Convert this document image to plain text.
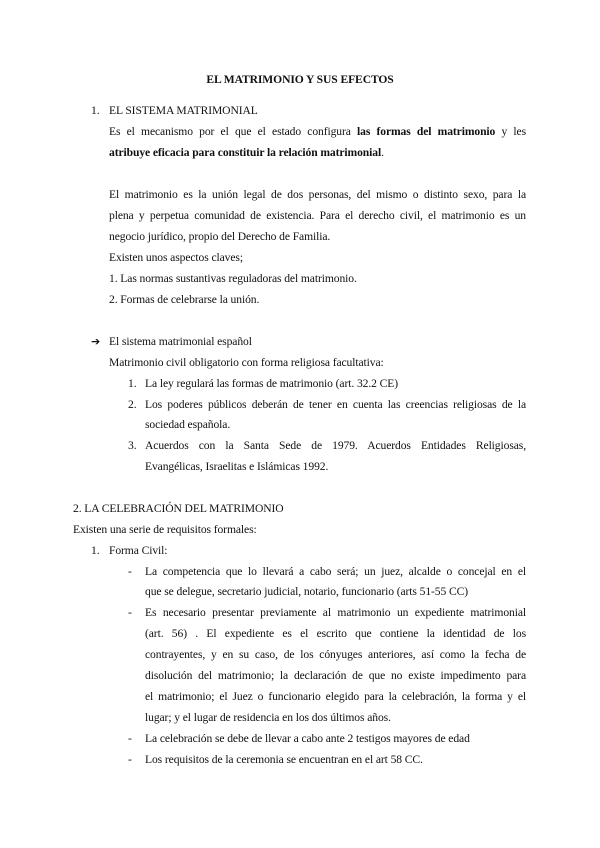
EL MATRIMONIO Y SUS EFECTOS
1. EL SISTEMA MATRIMONIAL
Es el mecanismo por el que el estado configura las formas del matrimonio y les
atribuye eficacia para constituir la relación matrimonial.
El matrimonio es la unión legal de dos personas, del mismo o distinto sexo, para la
plena y perpetua comunidad de existencia. Para el derecho civil, el matrimonio es un
negocio jurídico, propio del Derecho de Familia.
Existen unos aspectos claves;
1. Las normas sustantivas reguladoras del matrimonio.
2. Formas de celebrarse la unión.
➔ El sistema matrimonial español
Matrimonio civil obligatorio con forma religiosa facultativa:
1. La ley regulará las formas de matrimonio (art. 32.2 CE)
2. Los poderes públicos deberán de tener en cuenta las creencias religiosas de la
sociedad española.
3. Acuerdos con la Santa Sede de 1979. Acuerdos Entidades Religiosas,
Evangélicas, Israelitas e Islámicas 1992.
2. LA CELEBRACIÓN DEL MATRIMONIO
Existen una serie de requisitos formales:
1. Forma Civil:
- La competencia que lo llevará a cabo será; un juez, alcalde o concejal en el
que se delegue, secretario judicial, notario, funcionario (arts 51-55 CC)
- Es necesario presentar previamente al matrimonio un expediente matrimonial
(art. 56) . El expediente es el escrito que contiene la identidad de los
contrayentes, y en su caso, de los cónyuges anteriores, así como la fecha de
disolución del matrimonio; la declaración de que no existe impedimento para
el matrimonio; el Juez o funcionario elegido para la celebración, la forma y el
lugar; y el lugar de residencia en los dos últimos años.
- La celebración se debe de llevar a cabo ante 2 testigos mayores de edad
- Los requisitos de la ceremonia se encuentran en el art 58 CC.
